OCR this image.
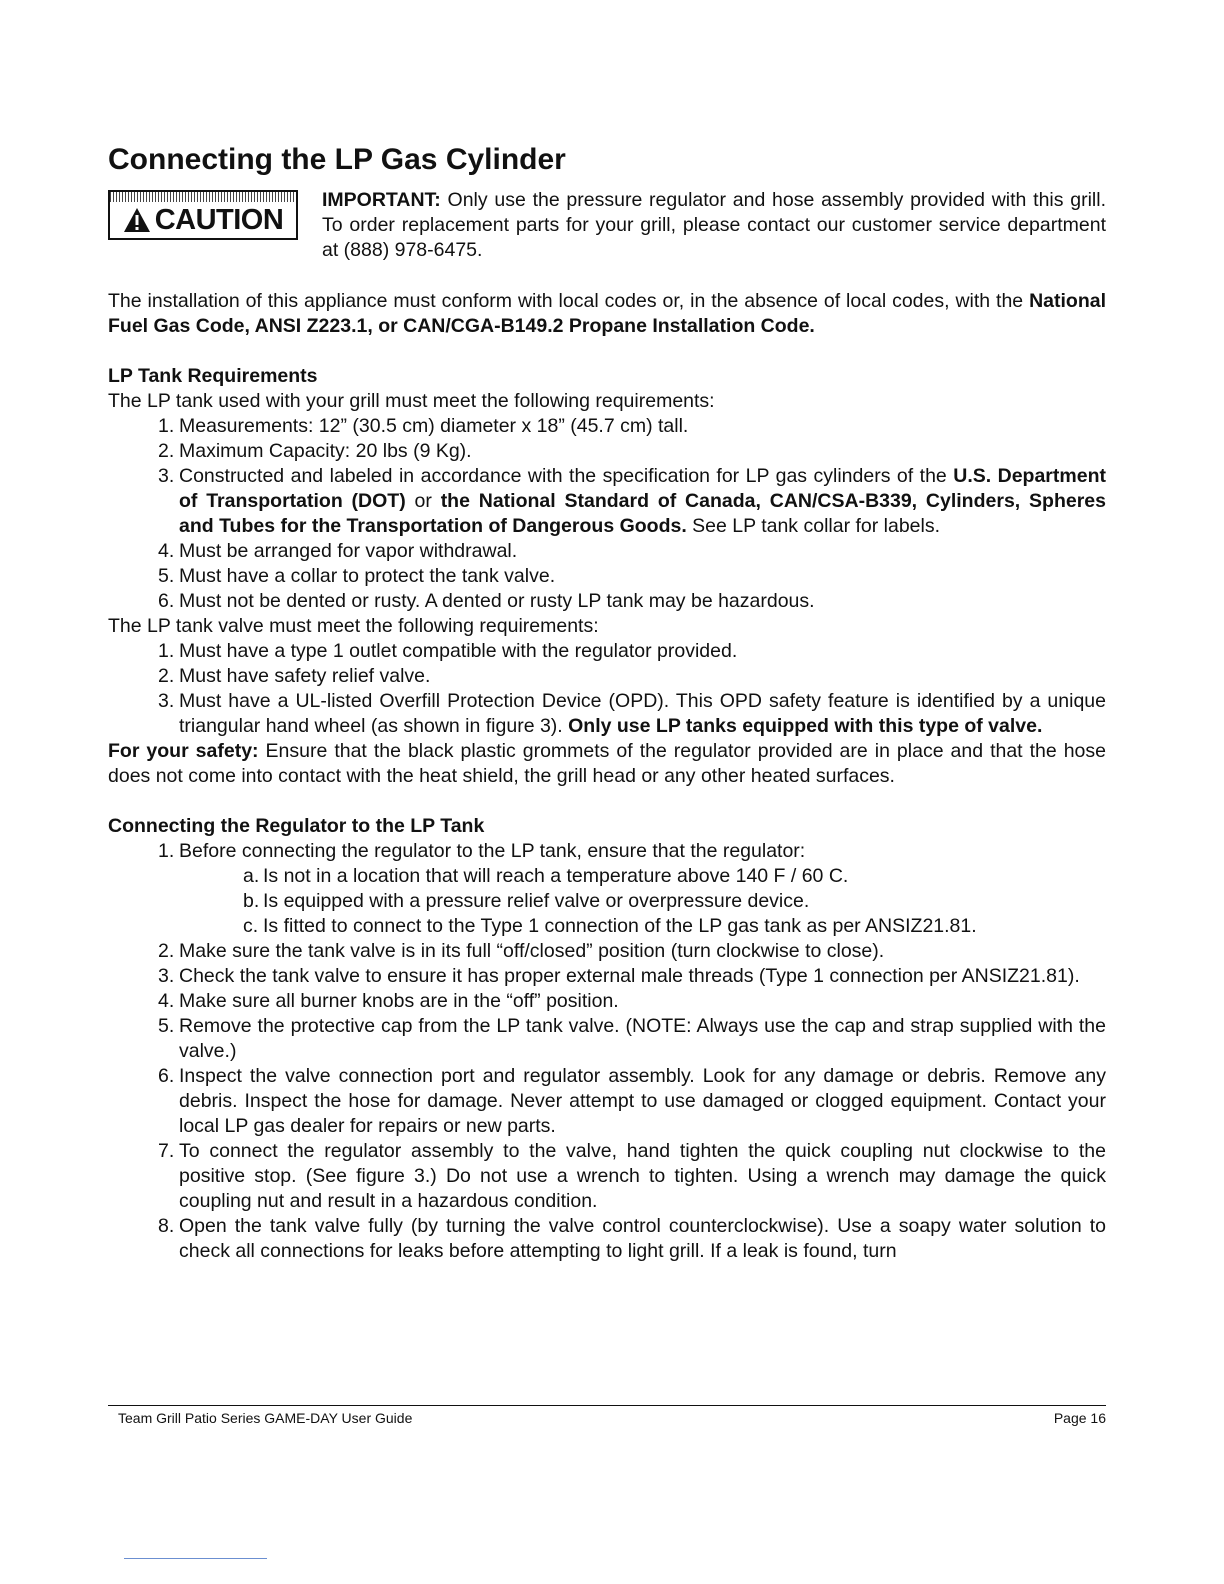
Connecting the LP Gas Cylinder
CAUTION

IMPORTANT: Only use the pressure regulator and hose assembly provided with this grill. To order replacement parts for your grill, please contact our customer service department at (888) 978-6475.

The installation of this appliance must conform with local codes or, in the absence of local codes, with the National Fuel Gas Code, ANSI Z223.1, or CAN/CGA-B149.2 Propane Installation Code.

LP Tank Requirements

The LP tank used with your grill must meet the following requirements:

1. Measurements: 12” (30.5 cm) diameter x 18” (45.7 cm) tall.
2. Maximum Capacity: 20 lbs (9 Kg).
3. Constructed and labeled in accordance with the specification for LP gas cylinders of the U.S. Department of Transportation (DOT) or the National Standard of Canada, CAN/CSA-B339, Cylinders, Spheres and Tubes for the Transportation of Dangerous Goods. See LP tank collar for labels.
4. Must be arranged for vapor withdrawal.
5. Must have a collar to protect the tank valve.
6. Must not be dented or rusty. A dented or rusty LP tank may be hazardous.

The LP tank valve must meet the following requirements:

1. Must have a type 1 outlet compatible with the regulator provided.
2. Must have safety relief valve.
3. Must have a UL-listed Overfill Protection Device (OPD). This OPD safety feature is identified by a unique triangular hand wheel (as shown in figure 3). Only use LP tanks equipped with this type of valve.

For your safety: Ensure that the black plastic grommets of the regulator provided are in place and that the hose does not come into contact with the heat shield, the grill head or any other heated surfaces.

Connecting the Regulator to the LP Tank
1. Before connecting the regulator to the LP tank, ensure that the regulator:
a. Is not in a location that will reach a temperature above 140 F / 60 C.
b. Is equipped with a pressure relief valve or overpressure device.
c. Is fitted to connect to the Type 1 connection of the LP gas tank as per ANSIZ21.81.
2. Make sure the tank valve is in its full “off/closed” position (turn clockwise to close).
3. Check the tank valve to ensure it has proper external male threads (Type 1 connection per ANSIZ21.81).
4. Make sure all burner knobs are in the “off” position.
5. Remove the protective cap from the LP tank valve. (NOTE: Always use the cap and strap supplied with the valve.)
6. Inspect the valve connection port and regulator assembly. Look for any damage or debris. Remove any debris. Inspect the hose for damage. Never attempt to use damaged or clogged equipment. Contact your local LP gas dealer for repairs or new parts.
7. To connect the regulator assembly to the valve, hand tighten the quick coupling nut clockwise to the positive stop. (See figure 3.) Do not use a wrench to tighten. Using a wrench may damage the quick coupling nut and result in a hazardous condition.
8. Open the tank valve fully (by turning the valve control counterclockwise). Use a soapy water solution to check all connections for leaks before attempting to light grill. If a leak is found, turn
Team Grill Patio Series GAME-DAY User Guide	Page 16
